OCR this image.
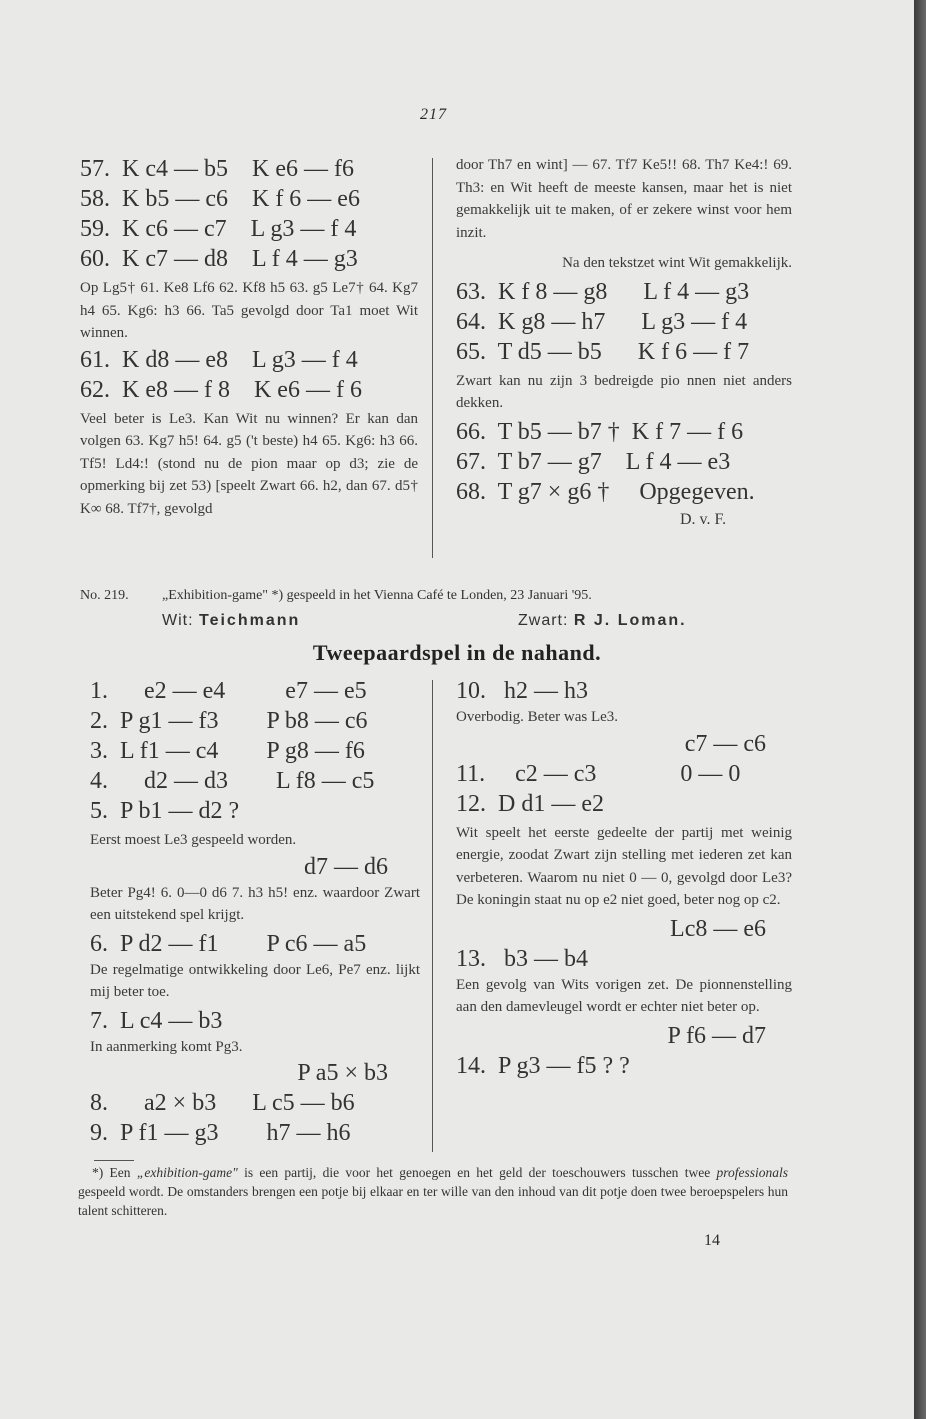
217
57.  K c4 — b5    K e6 — f6
58.  K b5 — c6    K f 6 — e6
59.  K c6 — c7    L g3 — f 4
60.  K c7 — d8    L f 4 — g3
Op Lg5† 61. Ke8 Lf6 62. Kf8 h5 63. g5 Le7† 64. Kg7 h4 65. Kg6: h3 66. Ta5 gevolgd door Ta1 moet Wit winnen.
61.  K d8 — e8    L g3 — f 4
62.  K e8 — f 8    K e6 — f 6
Veel beter is Le3. Kan Wit nu winnen? Er kan dan volgen 63. Kg7 h5! 64. g5 ('t beste) h4 65. Kg6: h3 66. Tf5! Ld4:! (stond nu de pion maar op d3; zie de opmerking bij zet 53) [speelt Zwart 66. h2, dan 67. d5† K∞ 68. Tf7†, gevolgd
door Th7 en wint] — 67. Tf7 Ke5!! 68. Th7 Ke4:! 69. Th3: en Wit heeft de meeste kansen, maar het is niet gemakkelijk uit te maken, of er zekere winst voor hem inzit.
Na den tekstzet wint Wit gemakkelijk.
63.  K f 8 — g8      L f 4 — g3
64.  K g8 — h7      L g3 — f 4
65.  T d5 — b5      K f 6 — f 7
Zwart kan nu zijn 3 bedreigde pio nnen niet anders dekken.
66.  T b5 — b7 †  K f 7 — f 6
67.  T b7 — g7    L f 4 — e3
68.  T g7 × g6 †     Opgegeven.
D. v. F.
No. 219. „Exhibition-game" *) gespeeld in het Vienna Café te Londen, 23 Januari '95.
Wit: Teichmann	Zwart: R J. Loman.
Tweepaardspel in de nahand.
1.      e2 — e4          e7 — e5
2.  P g1 — f3        P b8 — c6
3.  L f1 — c4        P g8 — f6
4.      d2 — d3        L f8 — c5
5.  P b1 — d2 ?
Eerst moest Le3 gespeeld worden.
d7 — d6
Beter Pg4! 6. 0—0 d6 7. h3 h5! enz. waardoor Zwart een uitstekend spel krijgt.
6.  P d2 — f1        P c6 — a5
De regelmatige ontwikkeling door Le6, Pe7 enz. lijkt mij beter toe.
7.  L c4 — b3
In aanmerking komt Pg3.
P a5 × b3
8.      a2 × b3      L c5 — b6
9.  P f1 — g3        h7 — h6
10.   h2 — h3
Overbodig. Beter was Le3.
c7 — c6
11.     c2 — c3              0 — 0
12.  D d1 — e2
Wit speelt het eerste gedeelte der partij met weinig energie, zoodat Zwart zijn stelling met iederen zet kan verbeteren. Waarom nu niet 0 — 0, gevolgd door Le3? De koningin staat nu op e2 niet goed, beter nog op c2.
Lc8 — e6
13.   b3 — b4
Een gevolg van Wits vorigen zet. De pionnenstelling aan den damevleugel wordt er echter niet beter op.
P f6 — d7
14.  P g3 — f5 ? ?
*) Een „exhibition-game" is een partij, die voor het genoegen en het geld der toeschouwers tusschen twee professionals gespeeld wordt. De omstanders brengen een potje bij elkaar en ter wille van den inhoud van dit potje doen twee beroepspelers hun talent schitteren.
14
